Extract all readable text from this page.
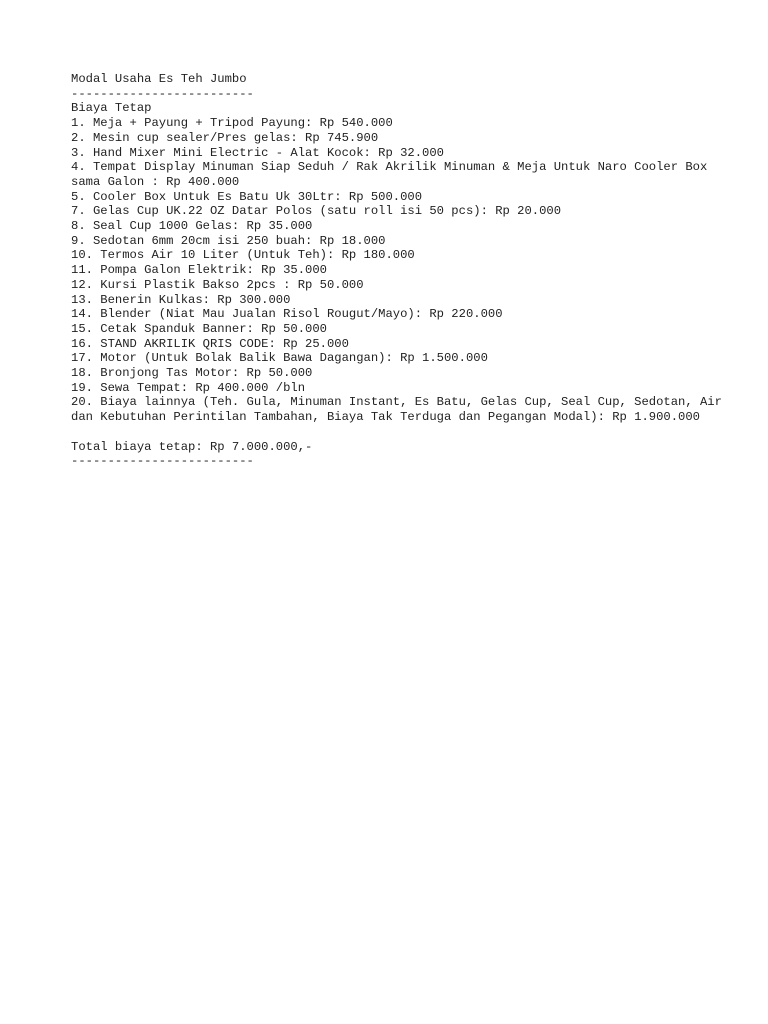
Modal Usaha Es Teh Jumbo
-------------------------
Biaya Tetap
1. Meja + Payung + Tripod Payung: Rp 540.000
2. Mesin cup sealer/Pres gelas: Rp 745.900
3. Hand Mixer Mini Electric - Alat Kocok: Rp 32.000
4. Tempat Display Minuman Siap Seduh / Rak Akrilik Minuman & Meja Untuk Naro Cooler Box sama Galon : Rp 400.000
5. Cooler Box Untuk Es Batu Uk 30Ltr: Rp 500.000
7. Gelas Cup UK.22 OZ Datar Polos (satu roll isi 50 pcs): Rp 20.000
8. Seal Cup 1000 Gelas: Rp 35.000
9. Sedotan 6mm 20cm isi 250 buah: Rp 18.000
10. Termos Air 10 Liter (Untuk Teh): Rp 180.000
11. Pompa Galon Elektrik: Rp 35.000
12. Kursi Plastik Bakso 2pcs : Rp 50.000
13. Benerin Kulkas: Rp 300.000
14. Blender (Niat Mau Jualan Risol Rougut/Mayo): Rp 220.000
15. Cetak Spanduk Banner: Rp 50.000
16. STAND AKRILIK QRIS CODE: Rp 25.000
17. Motor (Untuk Bolak Balik Bawa Dagangan): Rp 1.500.000
18. Bronjong Tas Motor: Rp 50.000
19. Sewa Tempat: Rp 400.000 /bln
20. Biaya lainnya (Teh. Gula, Minuman Instant, Es Batu, Gelas Cup, Seal Cup, Sedotan, Air dan Kebutuhan Perintilan Tambahan, Biaya Tak Terduga dan Pegangan Modal): Rp 1.900.000
Total biaya tetap: Rp 7.000.000,-
-------------------------
